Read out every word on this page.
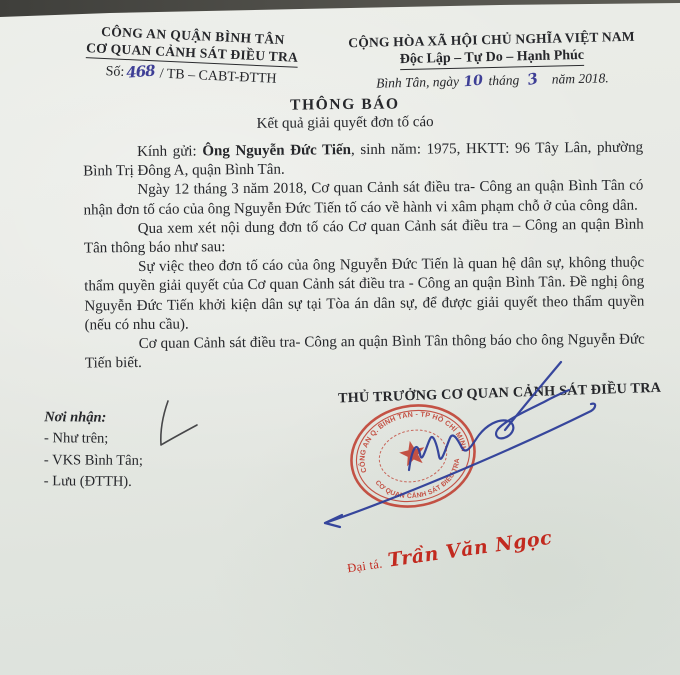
CÔNG AN QUẬN BÌNH TÂN
CƠ QUAN CẢNH SÁT ĐIỀU TRA
Số:468 / TB – CABT-ĐTTH
CỘNG HÒA XÃ HỘI CHỦ NGHĨA VIỆT NAM
Độc Lập – Tự Do – Hạnh Phúc
Bình Tân, ngày 10 tháng 3 năm 2018.
THÔNG BÁO
Kết quả giải quyết đơn tố cáo

Kính gửi: Ông Nguyễn Đức Tiến, sinh năm: 1975, HKTT: 96 Tây Lân, phường Bình Trị Đông A, quận Bình Tân.

Ngày 12 tháng 3 năm 2018, Cơ quan Cảnh sát điều tra- Công an quận Bình Tân có nhận đơn tố cáo của ông Nguyễn Đức Tiến tố cáo về hành vi xâm phạm chỗ ở của công dân.

Qua xem xét nội dung đơn tố cáo Cơ quan Cảnh sát điều tra – Công an quận Bình Tân thông báo như sau:

Sự việc theo đơn tố cáo của ông Nguyễn Đức Tiến là quan hệ dân sự, không thuộc thẩm quyền giải quyết của Cơ quan Cảnh sát điều tra - Công an quận Bình Tân. Đề nghị ông Nguyễn Đức Tiến khởi kiện dân sự tại Tòa án dân sự, để được giải quyết theo thẩm quyền (nếu có nhu cầu).

Cơ quan Cảnh sát điều tra- Công an quận Bình Tân thông báo cho ông Nguyễn Đức Tiến biết.

THỦ TRƯỞNG CƠ QUAN CẢNH SÁT ĐIỀU TRA
Nơi nhận:
- Như trên;
- VKS Bình Tân;
- Lưu (ĐTTH).
CÔNG AN Q. BÌNH TÂN - TP HỒ CHÍ MINH
CƠ QUAN CẢNH SÁT ĐIỀU TRA
Đại tá. Trần Văn Ngọc
